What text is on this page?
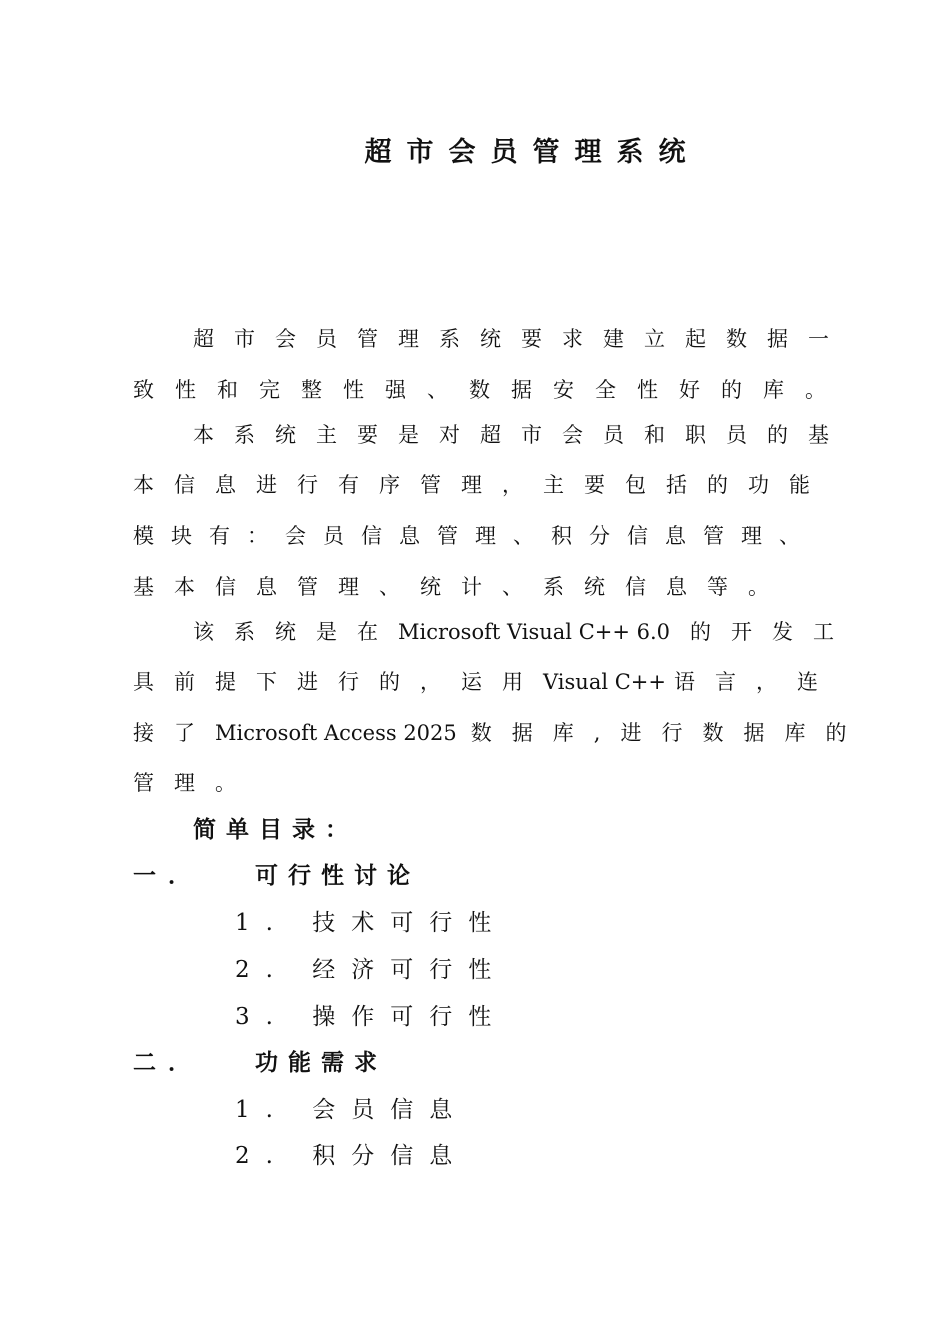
超市会员管理系统
超市会员管理系统要求建立起数据一
致性和完整性强、数据安全性好的库。
本系统主要是对超市会员和职员的基
本信息进行有序管理，主要包括的功能
模块有：会员信息管理、积分信息管理、
基本信息管理、统计、系统信息等。
该系统是在Microsoft Visual C++ 6.0 的开发工
具前提下进行的，运用Visual C++ 语言，连
接了Microsoft Access 2025 数据库,进行数据库的
管理。
简单目录：
一． 可行性讨论
1. 技术可行性
2. 经济可行性
3. 操作可行性
二． 功能需求
1. 会员信息
2. 积分信息
